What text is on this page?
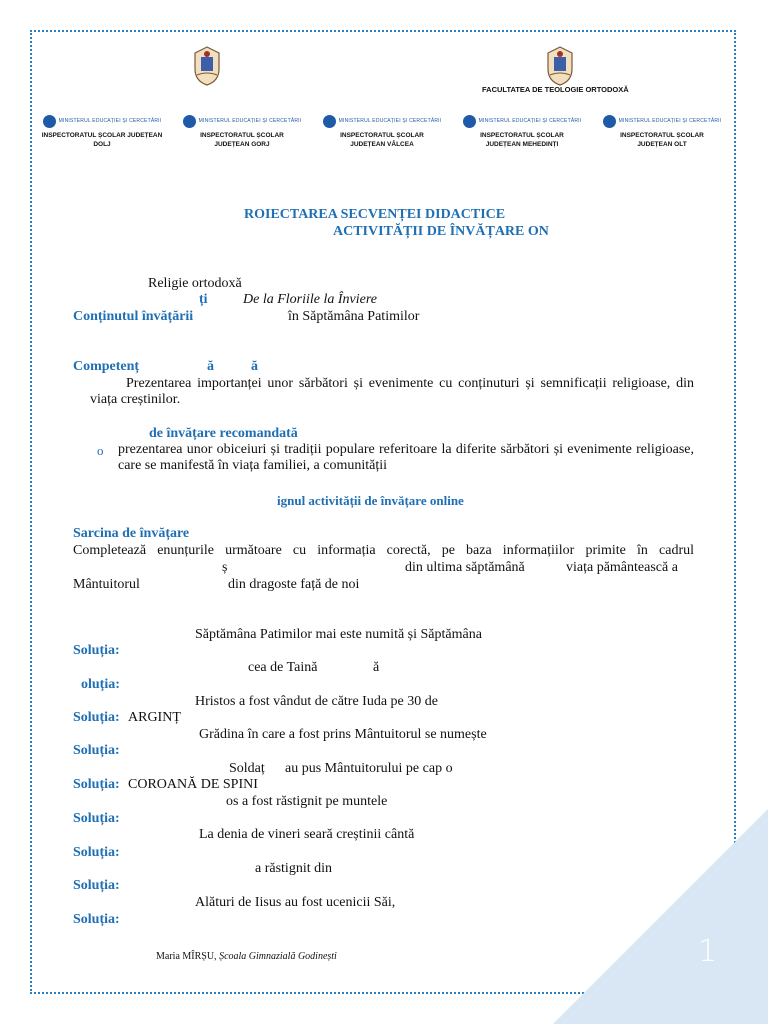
1
FACULTATEA DE TEOLOGIE ORTODOXĂ
MINISTERUL EDUCAȚIEI ȘI CERCETĂRII
INSPECTORATUL ȘCOLAR JUDEȚEAN
DOLJ
MINISTERUL EDUCAȚIEI ȘI CERCETĂRII
INSPECTORATUL ȘCOLAR
JUDEȚEAN GORJ
MINISTERUL EDUCAȚIEI ȘI CERCETĂRII
INSPECTORATUL ȘCOLAR
JUDEȚEAN VÂLCEA
MINISTERUL EDUCAȚIEI ȘI CERCETĂRII
INSPECTORATUL ȘCOLAR
JUDEȚEAN MEHEDINȚI
MINISTERUL EDUCAȚIEI ȘI CERCETĂRII
INSPECTORATUL ȘCOLAR
JUDEȚEAN OLT
ROIECTAREA SECVENȚEI DIDACTICE
ACTIVITĂȚII DE ÎNVĂȚARE ON
Religie ortodoxă
ți	De la Floriile la Înviere
Conținutul învățării	în Săptămâna Patimilor
Competenț	ă	ă
Prezentarea importanței unor sărbători și evenimente cu conținuturi și semnificații religioase, din viața creștinilor.
de învățare recomandată
o prezentarea unor obiceiuri și tradiții populare referitoare la diferite sărbători și evenimente religioase, care se manifestă în viața familiei, a comunității
ignul activității de învățare online
Sarcina de învățare
Completează enunțurile următoare cu informația corectă, pe baza informațiilor primite în cadrul
ș	din ultima săptămână	viața pământească a
Mântuitorul	din dragoste față de noi
Săptămâna Patimilor mai este numită și Săptămâna
Soluția:
cea de Taină	ă
oluția:
Hristos a fost vândut de către Iuda pe 30 de
Soluția: ARGINȚ
Grădina în care a fost prins Mântuitorul se numește
Soluția:
Soldaț au pus Mântuitorului pe cap o
Soluția: COROANĂ DE SPINI
os a fost răstignit pe muntele
Soluția:
La denia de vineri seară creștinii cântă
Soluția:
a răstignit din
Soluția:
Alături de Iisus au fost ucenicii Săi,
Soluția:
Maria MÎRȘU, Școala Gimnazială Godinești
